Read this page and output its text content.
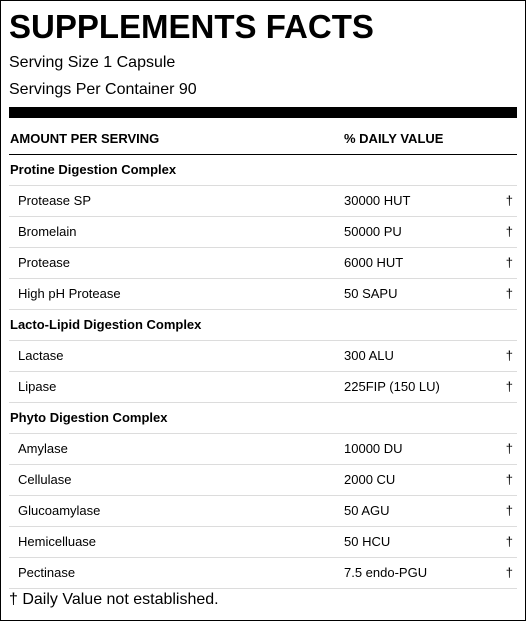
SUPPLEMENTS FACTS
Serving Size 1 Capsule
Servings Per Container 90
AMOUNT PER SERVING	% DAILY VALUE
Protine Digestion Complex
Protease SP	30000 HUT	†
Bromelain	50000 PU	†
Protease	6000 HUT	†
High pH Protease	50 SAPU	†
Lacto-Lipid Digestion Complex
Lactase	300 ALU	†
Lipase	225FIP (150 LU)	†
Phyto Digestion Complex
Amylase	10000 DU	†
Cellulase	2000 CU	†
Glucoamylase	50 AGU	†
Hemicelluase	50 HCU	†
Pectinase	7.5 endo-PGU	†
† Daily Value not established.
